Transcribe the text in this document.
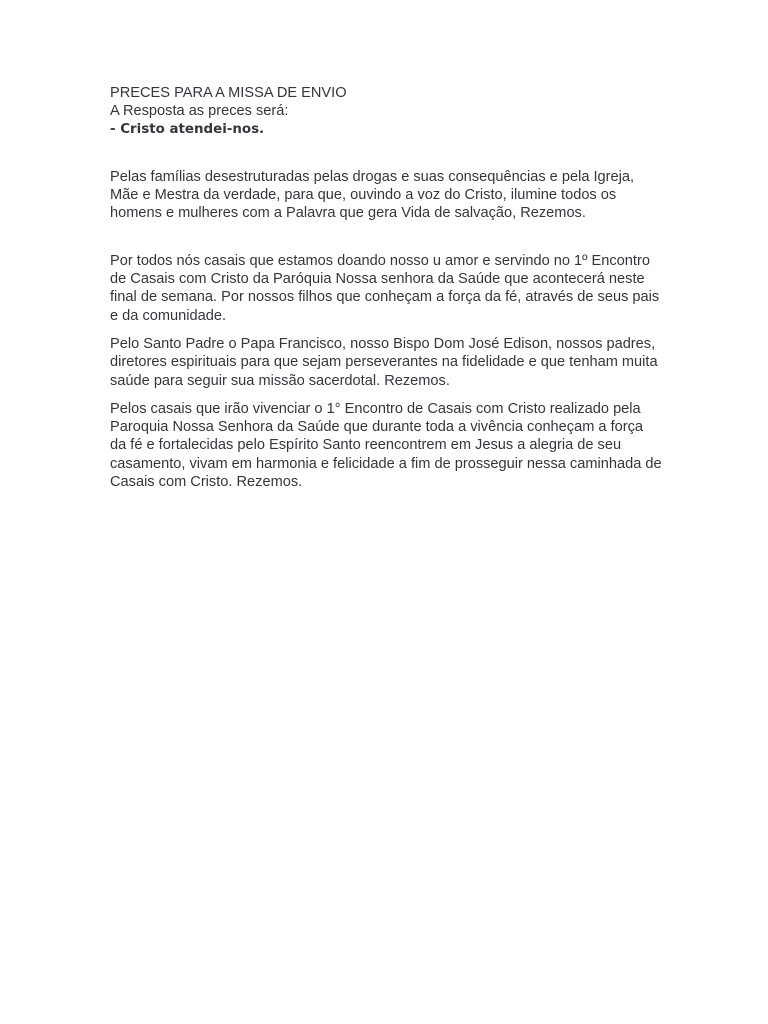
PRECES PARA A MISSA DE ENVIO

A Resposta as preces será:

- Cristo atendei-nos.

Pelas famílias desestruturadas pelas drogas e suas consequências e pela Igreja, Mãe e Mestra da verdade, para que, ouvindo a voz do Cristo, ilumine todos os homens e mulheres com a Palavra que gera Vida de salvação, Rezemos.

Por todos nós casais que estamos doando nosso u amor e servindo no 1º Encontro de Casais com Cristo da Paróquia Nossa senhora da Saúde que acontecerá neste final de semana. Por nossos filhos que conheçam a força da fé, através de seus pais e da comunidade.

Pelo Santo Padre o Papa Francisco, nosso Bispo Dom José Edison, nossos padres, diretores espirituais para que sejam perseverantes na fidelidade e que tenham muita saúde para seguir sua missão sacerdotal. Rezemos.

Pelos casais que irão vivenciar o 1° Encontro de Casais com Cristo realizado pela Paroquia Nossa Senhora da Saúde que durante toda a vivência conheçam a força da fé e fortalecidas pelo Espírito Santo reencontrem em Jesus a alegria de seu casamento, vivam em harmonia e felicidade a fim de prosseguir nessa caminhada de Casais com Cristo. Rezemos.
